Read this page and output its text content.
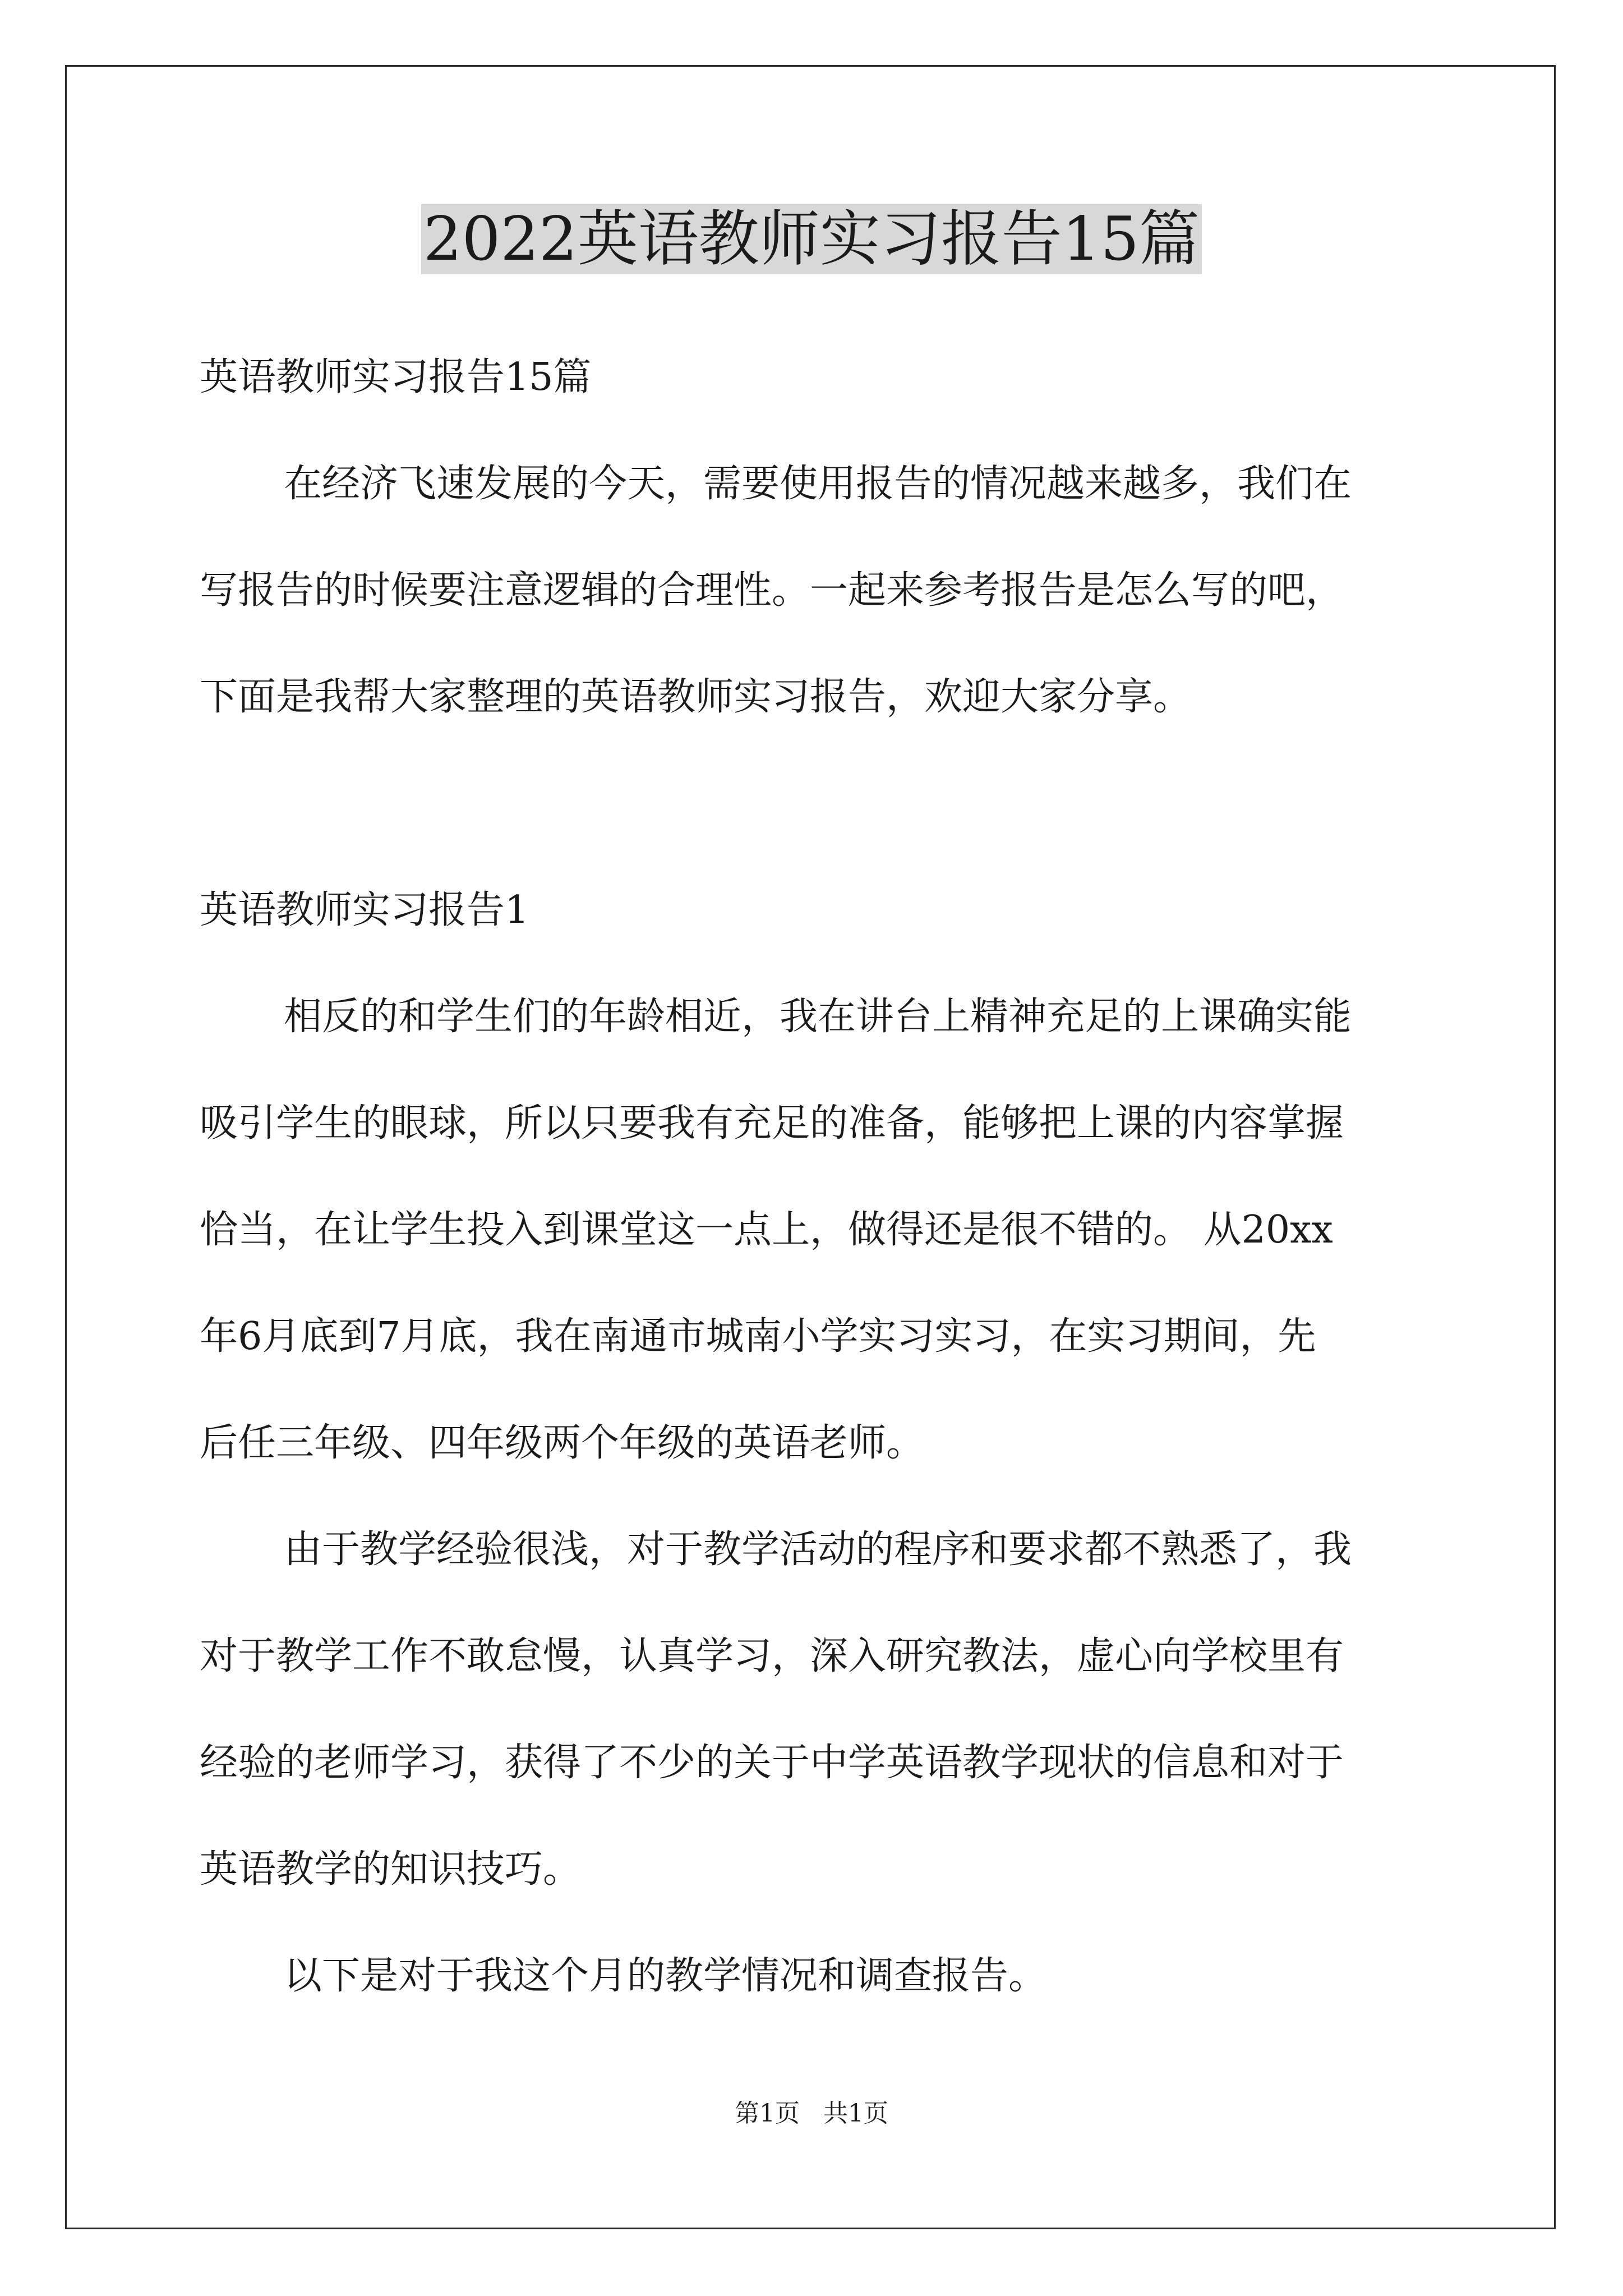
2022英语教师实习报告15篇

英语教师实习报告15篇

在经济飞速发展的今天，需要使用报告的情况越来越多，我们在

写报告的时候要注意逻辑的合理性。一起来参考报告是怎么写的吧，

下面是我帮大家整理的英语教师实习报告，欢迎大家分享。

英语教师实习报告1

相反的和学生们的年龄相近，我在讲台上精神充足的上课确实能

吸引学生的眼球，所以只要我有充足的准备，能够把上课的内容掌握

恰当，在让学生投入到课堂这一点上，做得还是很不错的。 从20xx

年6月底到7月底，我在南通市城南小学实习实习，在实习期间，先

后任三年级、四年级两个年级的英语老师。

由于教学经验很浅，对于教学活动的程序和要求都不熟悉了，我

对于教学工作不敢怠慢，认真学习，深入研究教法，虚心向学校里有

经验的老师学习，获得了不少的关于中学英语教学现状的信息和对于

英语教学的知识技巧。

以下是对于我这个月的教学情况和调查报告。

第1页   共1页
